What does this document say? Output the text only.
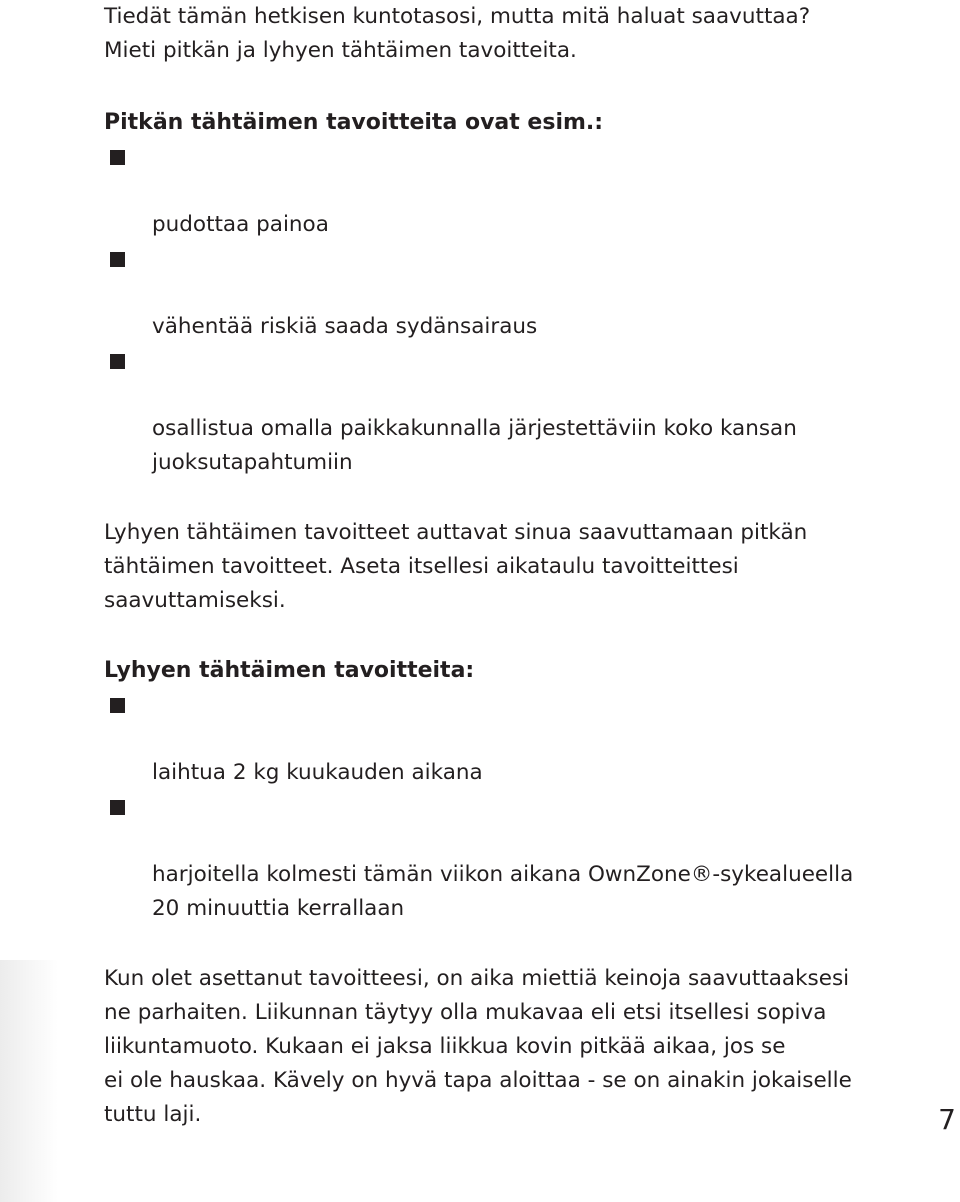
Tiedät tämän hetkisen kuntotasosi, mutta mitä haluat saavuttaa?
Mieti pitkän ja lyhyen tähtäimen tavoitteita.

Pitkän tähtäimen tavoitteita ovat esim.:

pudottaa painoa

vähentää riskiä saada sydänsairaus

osallistua omalla paikkakunnalla järjestettäviin koko kansan
juoksutapahtumiin

Lyhyen tähtäimen tavoitteet auttavat sinua saavuttamaan pitkän
tähtäimen tavoitteet. Aseta itsellesi aikataulu tavoitteittesi
saavuttamiseksi.

Lyhyen tähtäimen tavoitteita:

laihtua 2 kg kuukauden aikana

harjoitella kolmesti tämän viikon aikana OwnZone®-sykealueella
20 minuuttia kerrallaan

Kun olet asettanut tavoitteesi, on aika miettiä keinoja saavuttaaksesi
ne parhaiten. Liikunnan täytyy olla mukavaa eli etsi itsellesi sopiva
liikuntamuoto. Kukaan ei jaksa liikkua kovin pitkää aikaa, jos se
ei ole hauskaa. Kävely on hyvä tapa aloittaa - se on ainakin jokaiselle
tuttu laji.	7
